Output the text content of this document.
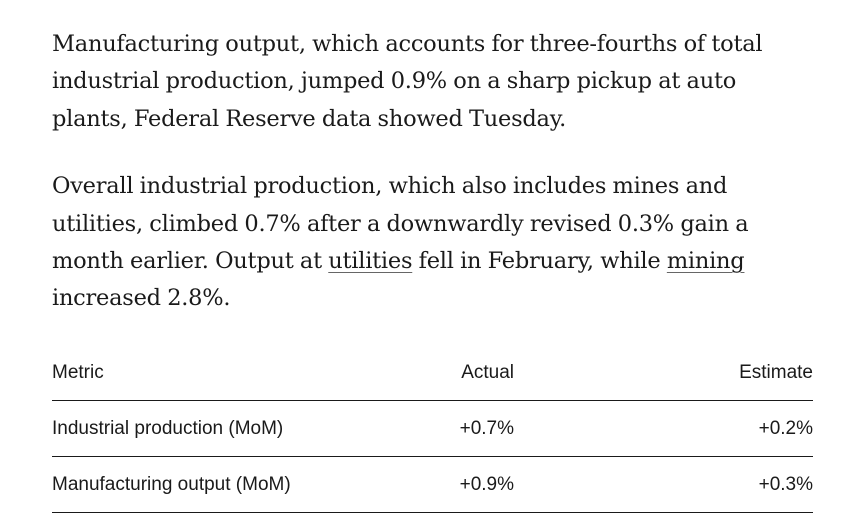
Manufacturing output, which accounts for three-fourths of total industrial production, jumped 0.9% on a sharp pickup at auto plants, Federal Reserve data showed Tuesday.

Overall industrial production, which also includes mines and utilities, climbed 0.7% after a downwardly revised 0.3% gain a month earlier. Output at utilities fell in February, while mining increased 2.8%.

Metric	Actual	Estimate
Industrial production (MoM)	+0.7%	+0.2%
Manufacturing output (MoM)	+0.9%	+0.3%
